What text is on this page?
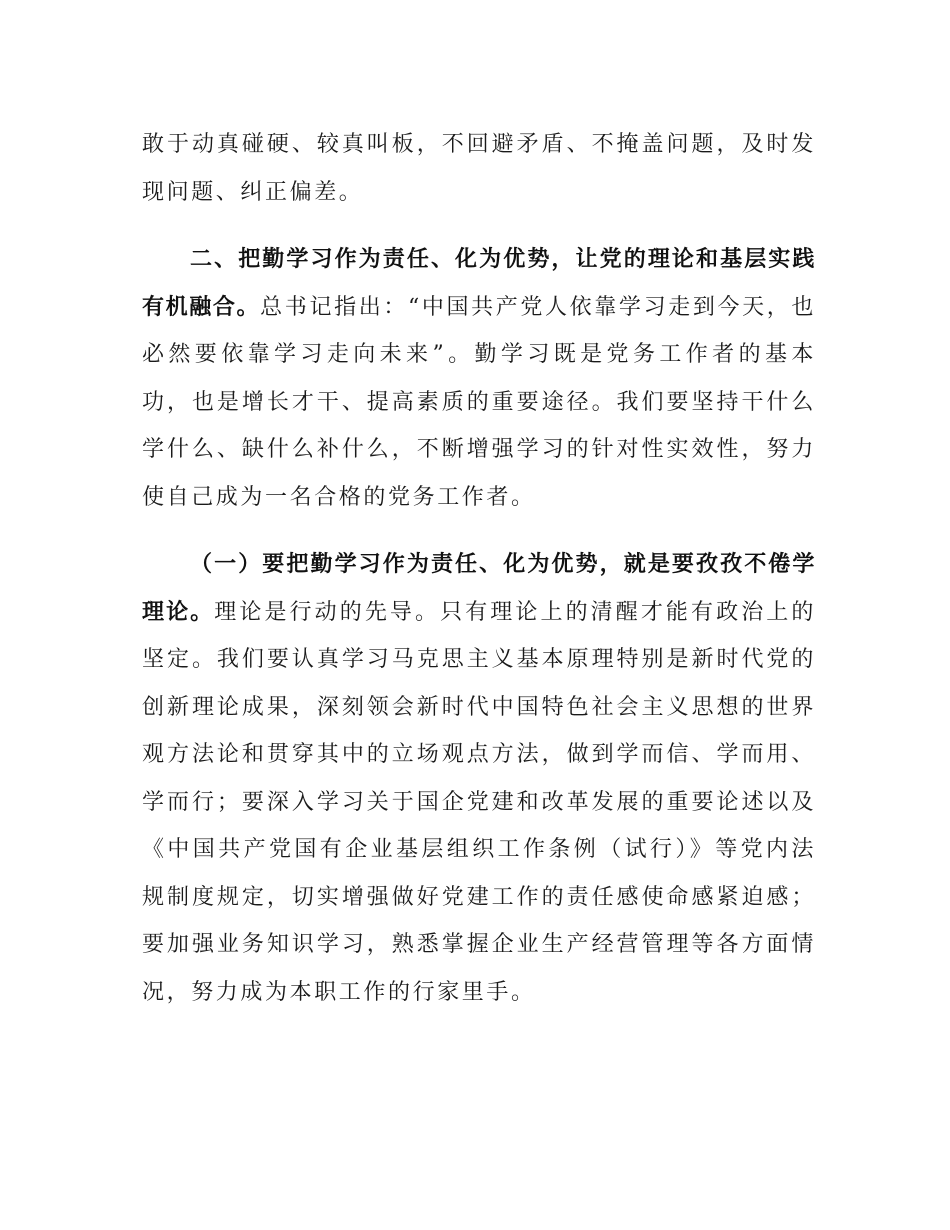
敢于动真碰硬、较真叫板，不回避矛盾、不掩盖问题，及时发现问题、纠正偏差。

二、把勤学习作为责任、化为优势，让党的理论和基层实践有机融合。总书记指出：“中国共产党人依靠学习走到今天，也必然要依靠学习走向未来”。勤学习既是党务工作者的基本功，也是增长才干、提高素质的重要途径。我们要坚持干什么学什么、缺什么补什么，不断增强学习的针对性实效性，努力使自己成为一名合格的党务工作者。

（一）要把勤学习作为责任、化为优势，就是要孜孜不倦学理论。理论是行动的先导。只有理论上的清醒才能有政治上的坚定。我们要认真学习马克思主义基本原理特别是新时代党的创新理论成果，深刻领会新时代中国特色社会主义思想的世界观方法论和贯穿其中的立场观点方法，做到学而信、学而用、学而行；要深入学习关于国企党建和改革发展的重要论述以及《中国共产党国有企业基层组织工作条例（试行）》等党内法规制度规定，切实增强做好党建工作的责任感使命感紧迫感；要加强业务知识学习，熟悉掌握企业生产经营管理等各方面情况，努力成为本职工作的行家里手。
